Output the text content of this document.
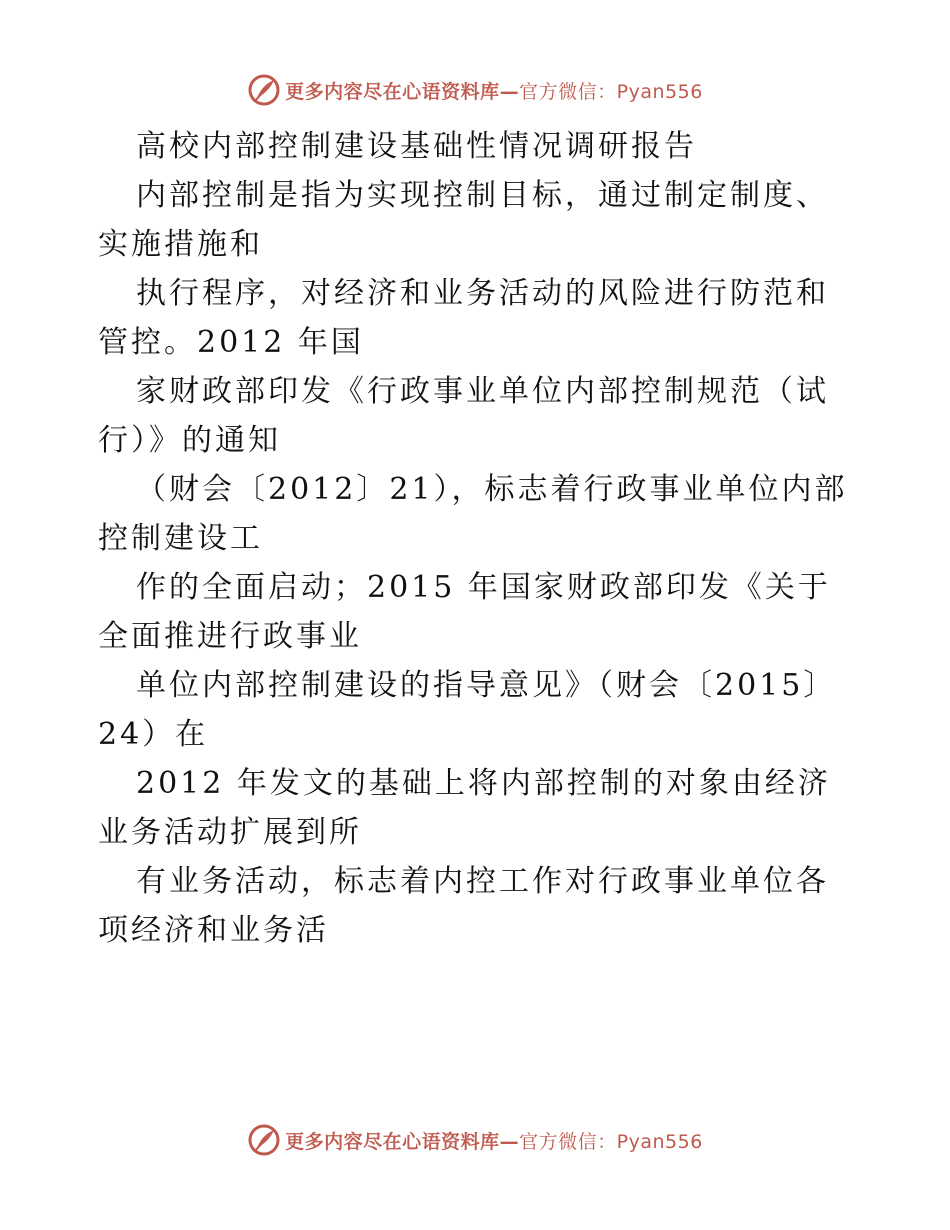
更多内容尽在心语资料库—官方微信：Pyan556
高校内部控制建设基础性情况调研报告
内部控制是指为实现控制目标，通过制定制度、
实施措施和
执行程序，对经济和业务活动的风险进行防范和
管控。2012 年国
家财政部印发《行政事业单位内部控制规范（试
行）》的通知
（财会〔2012〕21），标志着行政事业单位内部
控制建设工
作的全面启动；2015 年国家财政部印发《关于
全面推进行政事业
单位内部控制建设的指导意见》（财会〔2015〕
24）在
2012 年发文的基础上将内部控制的对象由经济
业务活动扩展到所
有业务活动，标志着内控工作对行政事业单位各
项经济和业务活
更多内容尽在心语资料库—官方微信：Pyan556
